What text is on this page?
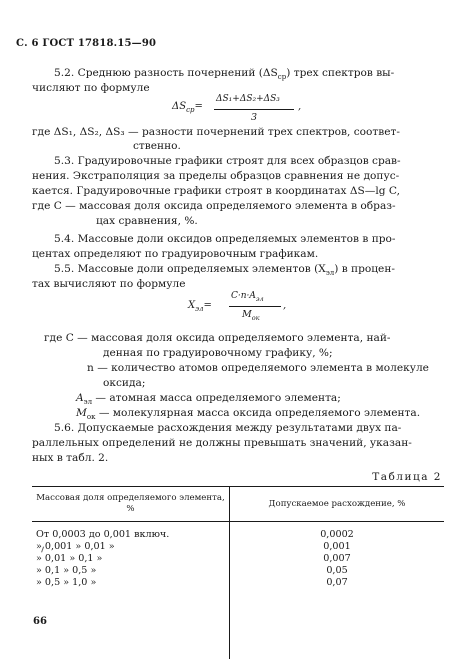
С. 6 ГОСТ 17818.15—90
5.2. Среднюю разность почернений $(\Delta S_{ср})$ трех спектров вы-
числяют по формуле
$\Delta S_{ср}=$
ΔS₁+ΔS₂+ΔS₃
3
,
где ΔS₁, ΔS₂, ΔS₃ — разности почернений трех спектров, соответ-
ственно.
5.3. Градуировочные графики строят для всех образцов срав-
нения. Экстраполяция за пределы образцов сравнения не допус-
кается. Градуировочные графики строят в координатах ΔS—lg C,
где C — массовая доля оксида определяемого элемента в образ-
цах сравнения, %.
5.4. Массовые доли оксидов определяемых элементов в про-
центах определяют по градуировочным графикам.
5.5. Массовые доли определяемых элементов $(X_{эл})$ в процен-
тах вычисляют по формуле
$X_{эл}=$
$C\cdot n\cdot A_{эл}$
$M_{ок}$
,
где C — массовая доля оксида определяемого элемента, най-
денная по градуировочному графику, %;
n — количество атомов определяемого элемента в молекуле
оксида;
$A_{эл}$ — атомная масса определяемого элемента;
$M_{ок}$ — молекулярная масса оксида определяемого элемента.
5.6. Допускаемые расхождения между результатами двух па-
раллельных определений не должны превышать значений, указан-
ных в табл. 2.
Таблица 2
Массовая доля определяемого элемента, %	Допускаемое расхождение, %
От 0,0003 до 0,001 включ.	0,0002
» 0,001 » 0,01 »	0,001
» 0,01 » 0,1 »	0,007
» 0,1 » 0,5 »	0,05
» 0,5 » 1,0 »	0,07
66
